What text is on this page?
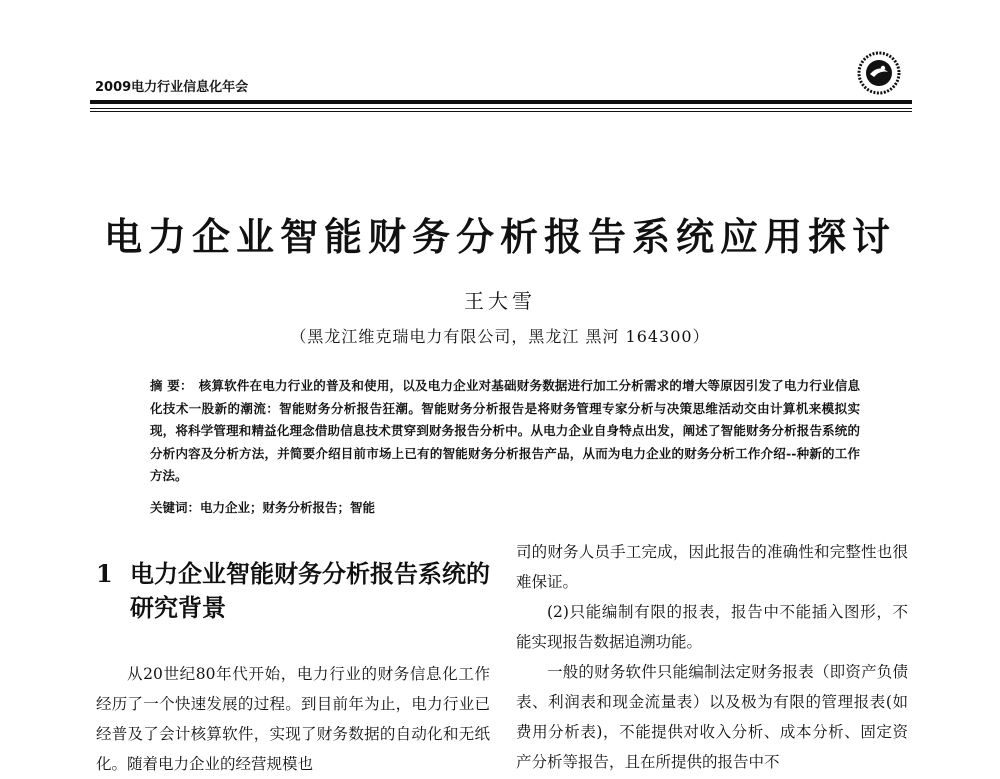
2009电力行业信息化年会
电力企业智能财务分析报告系统应用探讨
王大雪
（黑龙江维克瑞电力有限公司，黑龙江 黑河 164300）
摘 要： 核算软件在电力行业的普及和使用，以及电力企业对基础财务数据进行加工分析需求的增大等原因引发了电力行业信息化技术一股新的潮流：智能财务分析报告狂潮。智能财务分析报告是将财务管理专家分析与决策思维活动交由计算机来模拟实现，将科学管理和精益化理念借助信息技术贯穿到财务报告分析中。从电力企业自身特点出发，阐述了智能财务分析报告系统的分析内容及分析方法，并简要介绍目前市场上已有的智能财务分析报告产品，从而为电力企业的财务分析工作介绍--种新的工作方法。
关键词：电力企业；财务分析报告；智能
1 电力企业智能财务分析报告系统的研究背景
从20世纪80年代开始，电力行业的财务信息化工作经历了一个快速发展的过程。到目前年为止，电力行业已经普及了会计核算软件，实现了财务数据的自动化和无纸化。随着电力企业的经营规模也

司的财务人员手工完成，因此报告的准确性和完整性也很难保证。

(2)只能编制有限的报表，报告中不能插入图形，不能实现报告数据追溯功能。

一般的财务软件只能编制法定财务报表（即资产负债表、利润表和现金流量表）以及极为有限的管理报表(如费用分析表)，不能提供对收入分析、成本分析、固定资产分析等报告，且在所提供的报告中不
